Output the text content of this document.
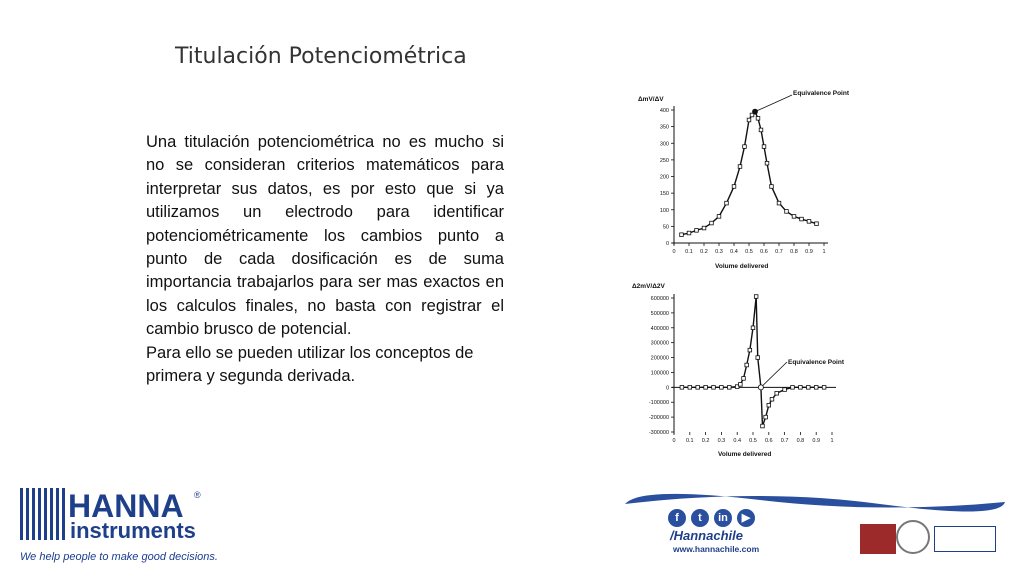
Titulación Potenciométrica

Una titulación potenciométrica no es mucho si no se consideran criterios matemáticos para interpretar sus datos, es por esto que si ya utilizamos un electrodo para identificar potenciométricamente los cambios punto a punto de cada dosificación es de suma importancia trabajarlos para ser mas exactos en los calculos finales, no basta con registrar el cambio brusco de potencial.

Para ello se pueden utilizar los conceptos de primera y segunda derivada.

ΔmV/ΔV
Volume delivered
Equivalence Point
0
50
100
150
200
250
300
350
400
0 0.1 0.2 0.3 0.4 0.5 0.6 0.7 0.8 0.9 1
Δ2mV/Δ2V
Volume delivered
Equivalence Point
-300000
-200000
-100000
0
100000
200000
300000
400000
500000
600000
0 0.1 0.2 0.3 0.4 0.5 0.6 0.7 0.8 0.9 1
HANNA ®
instruments
We help people to make good decisions.
f t in ▶
/Hannachile
www.hannachile.com
